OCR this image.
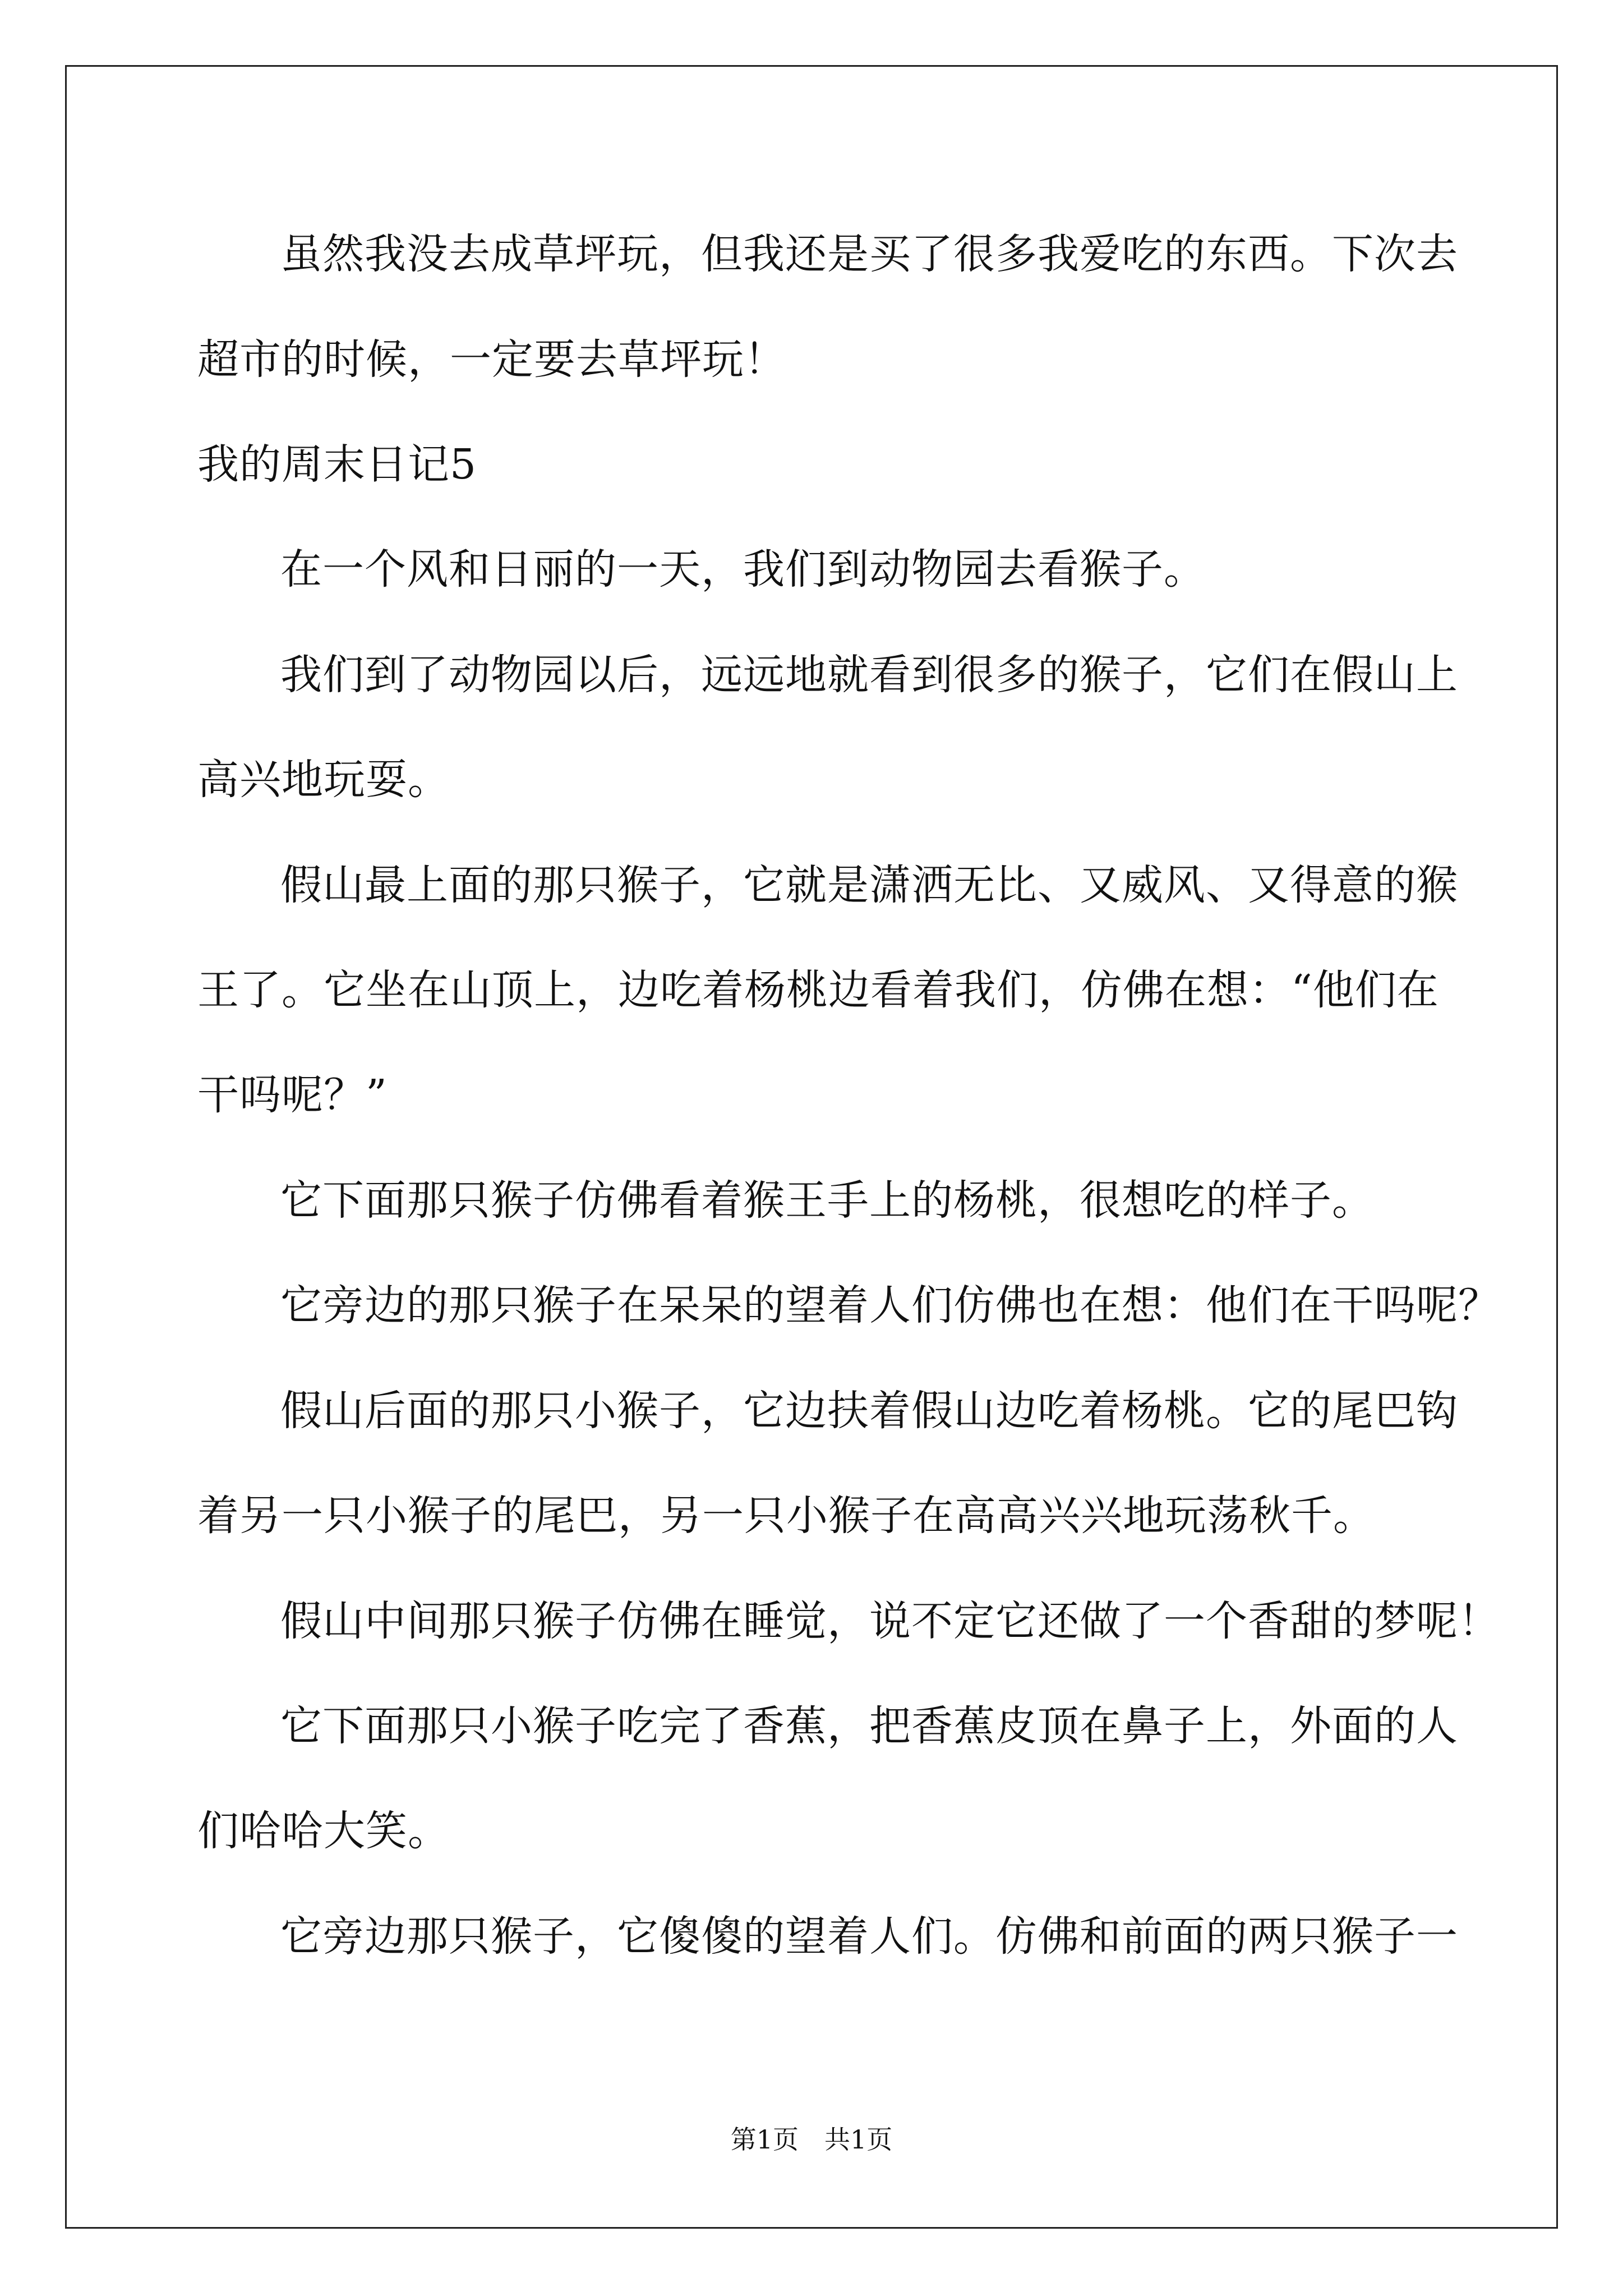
虽然我没去成草坪玩，但我还是买了很多我爱吃的东西。下次去
超市的时候，一定要去草坪玩！
我的周末日记5
在一个风和日丽的一天，我们到动物园去看猴子。
我们到了动物园以后，远远地就看到很多的猴子，它们在假山上
高兴地玩耍。
假山最上面的那只猴子，它就是潇洒无比、又威风、又得意的猴
王了。它坐在山顶上，边吃着杨桃边看着我们，仿佛在想：“他们在
干吗呢？”
它下面那只猴子仿佛看着猴王手上的杨桃，很想吃的样子。
它旁边的那只猴子在呆呆的望着人们仿佛也在想：他们在干吗呢？
假山后面的那只小猴子，它边扶着假山边吃着杨桃。它的尾巴钩
着另一只小猴子的尾巴，另一只小猴子在高高兴兴地玩荡秋千。
假山中间那只猴子仿佛在睡觉，说不定它还做了一个香甜的梦呢！
它下面那只小猴子吃完了香蕉，把香蕉皮顶在鼻子上，外面的人
们哈哈大笑。
它旁边那只猴子，它傻傻的望着人们。仿佛和前面的两只猴子一
第1页　共1页
